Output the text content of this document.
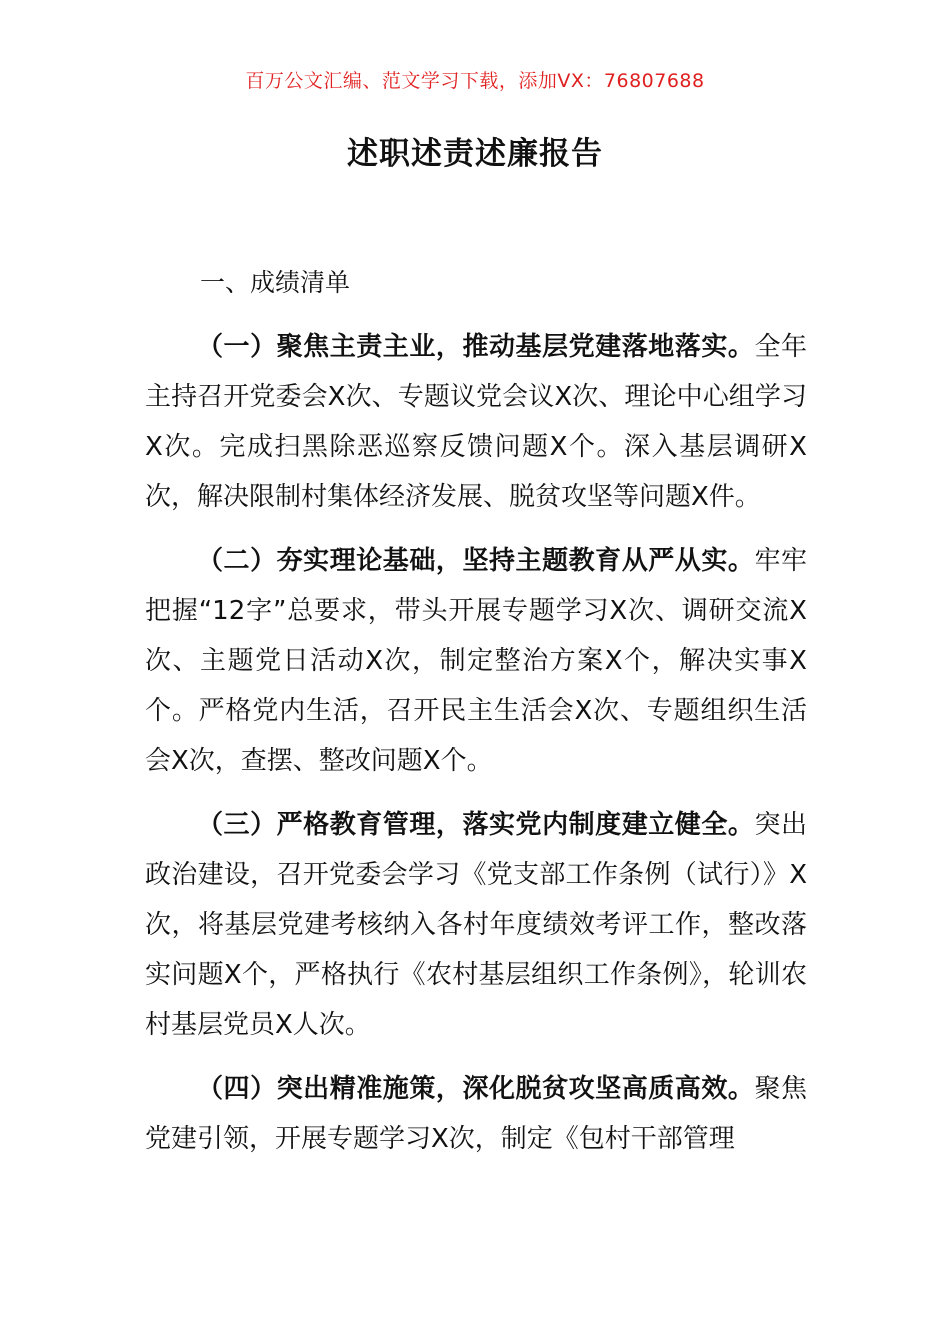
百万公文汇编、范文学习下载，添加VX：76807688
述职述责述廉报告
一、成绩清单

（一）聚焦主责主业，推动基层党建落地落实。全年主持召开党委会X次、专题议党会议X次、理论中心组学习X次。完成扫黑除恶巡察反馈问题X个。深入基层调研X次，解决限制村集体经济发展、脱贫攻坚等问题X件。

（二）夯实理论基础，坚持主题教育从严从实。牢牢把握“12字”总要求，带头开展专题学习X次、调研交流X次、主题党日活动X次，制定整治方案X个，解决实事X个。严格党内生活，召开民主生活会X次、专题组织生活会X次，查摆、整改问题X个。

（三）严格教育管理，落实党内制度建立健全。突出政治建设，召开党委会学习《党支部工作条例（试行）》X次，将基层党建考核纳入各村年度绩效考评工作，整改落实问题X个，严格执行《农村基层组织工作条例》，轮训农村基层党员X人次。

（四）突出精准施策，深化脱贫攻坚高质高效。聚焦党建引领，开展专题学习X次，制定《包村干部管理
